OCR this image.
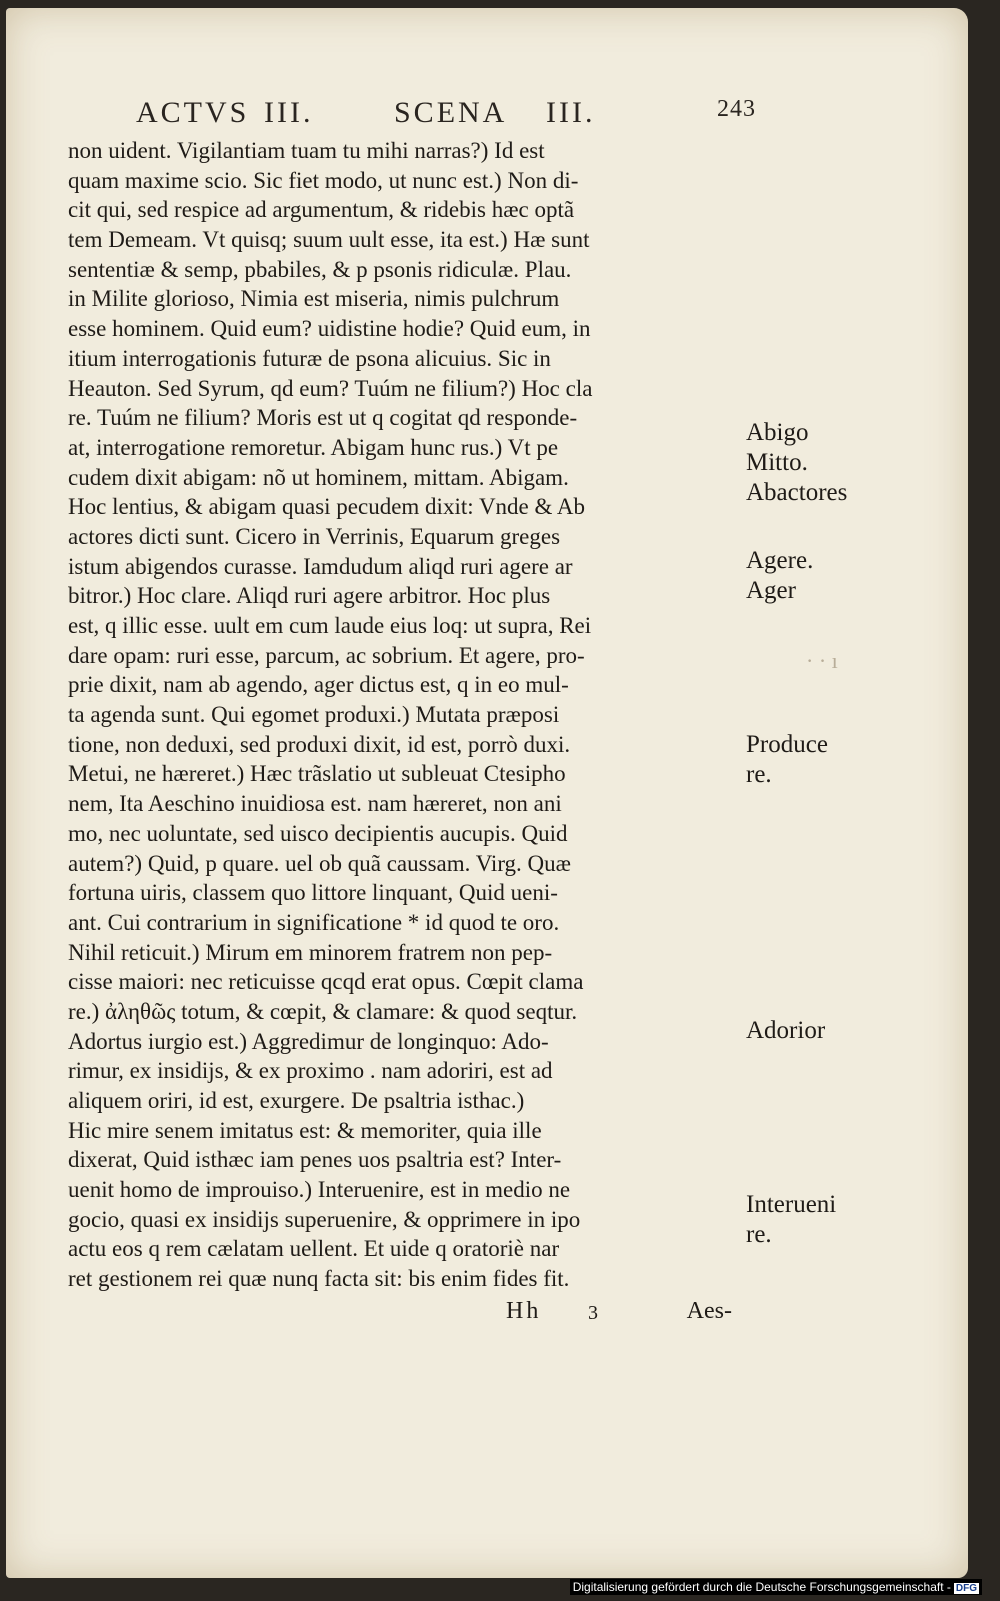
ACTVS III.	SCENA III.	243
non uident. Vigilantiam tuam tu mihi narras?) Id est
quam maxime scio. Sic fiet modo, ut nunc est.) Non di-
cit qui, sed respice ad argumentum, & ridebis hæc optã
tem Demeam. Vt quisq; suum uult esse, ita est.) Hæ sunt
sententiæ & semp, pbabiles, & p psonis ridiculæ. Plau.
in Milite glorioso, Nimia est miseria, nimis pulchrum
esse hominem. Quid eum? uidistine hodie? Quid eum, in
itium interrogationis futuræ de psona alicuius. Sic in
Heauton. Sed Syrum, qd eum? Tuúm ne filium?) Hoc cla
re. Tuúm ne filium? Moris est ut q cogitat qd responde-
at, interrogatione remoretur. Abigam hunc rus.) Vt pe
cudem dixit abigam: nõ ut hominem, mittam. Abigam.
Hoc lentius, & abigam quasi pecudem dixit: Vnde & Ab
actores dicti sunt. Cicero in Verrinis, Equarum greges
istum abigendos curasse. Iamdudum aliqd ruri agere ar
bitror.) Hoc clare. Aliqd ruri agere arbitror. Hoc plus
est, q illic esse. uult em cum laude eius loq: ut supra, Rei
dare opam: ruri esse, parcum, ac sobrium. Et agere, pro-
prie dixit, nam ab agendo, ager dictus est, q in eo mul-
ta agenda sunt. Qui egomet produxi.) Mutata præposi
tione, non deduxi, sed produxi dixit, id est, porrò duxi.
Metui, ne hæreret.) Hæc trãslatio ut subleuat Ctesipho
nem, Ita Aeschino inuidiosa est. nam hæreret, non ani
mo, nec uoluntate, sed uisco decipientis aucupis. Quid
autem?) Quid, p quare. uel ob quã caussam. Virg. Quæ
fortuna uiris, classem quo littore linquant, Quid ueni-
ant. Cui contrarium in significatione * id quod te oro.
Nihil reticuit.) Mirum em minorem fratrem non pep-
cisse maiori: nec reticuisse qcqd erat opus. Cœpit clama
re.) ἀληθῶς totum, & cœpit, & clamare: & quod seqtur.
Adortus iurgio est.) Aggredimur de longinquo: Ado-
rimur, ex insidijs, & ex proximo . nam adoriri, est ad
aliquem oriri, id est, exurgere. De psaltria isthac.)
Hic mire senem imitatus est: & memoriter, quia ille
dixerat, Quid isthæc iam penes uos psaltria est? Inter-
uenit homo de improuiso.) Interuenire, est in medio ne
gocio, quasi ex insidijs superuenire, & opprimere in ipo
actu eos q rem cælatam uellent. Et uide q oratoriè nar
ret gestionem rei quæ nunq facta sit: bis enim fides fit.
Abigo
Mitto.
Abactores
Agere.
Ager
· · ı
Produce
re.
Adorior
Interueni
re.
Hh 3	Aes-
Digitalisierung gefördert durch die Deutsche Forschungsgemeinschaft - DFG
